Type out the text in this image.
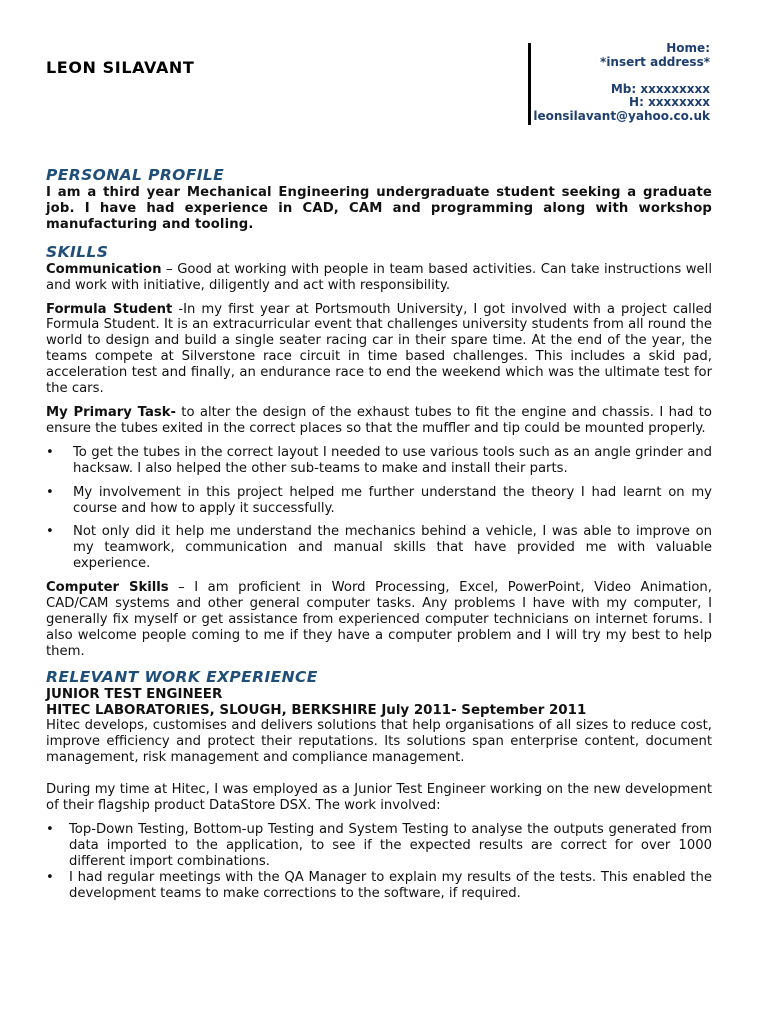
LEON SILAVANT
Home:
*insert address*

Mb: xxxxxxxxx
H: xxxxxxxx
leonsilavant@yahoo.co.uk
PERSONAL PROFILE

I am a third year Mechanical Engineering undergraduate student seeking a graduate job. I have had experience in CAD, CAM and programming along with workshop manufacturing and tooling.

SKILLS

Communication – Good at working with people in team based activities. Can take instructions well and work with initiative, diligently and act with responsibility.

Formula Student -In my first year at Portsmouth University, I got involved with a project called Formula Student. It is an extracurricular event that challenges university students from all round the world to design and build a single seater racing car in their spare time. At the end of the year, the teams compete at Silverstone race circuit in time based challenges. This includes a skid pad, acceleration test and finally, an endurance race to end the weekend which was the ultimate test for the cars.

My Primary Task- to alter the design of the exhaust tubes to fit the engine and chassis. I had to ensure the tubes exited in the correct places so that the muffler and tip could be mounted properly.

• To get the tubes in the correct layout I needed to use various tools such as an angle grinder and hacksaw. I also helped the other sub-teams to make and install their parts.
• My involvement in this project helped me further understand the theory I had learnt on my course and how to apply it successfully.
• Not only did it help me understand the mechanics behind a vehicle, I was able to improve on my teamwork, communication and manual skills that have provided me with valuable experience.

Computer Skills – I am proficient in Word Processing, Excel, PowerPoint, Video Animation, CAD/CAM systems and other general computer tasks. Any problems I have with my computer, I generally fix myself or get assistance from experienced computer technicians on internet forums. I also welcome people coming to me if they have a computer problem and I will try my best to help them.

RELEVANT WORK EXPERIENCE
JUNIOR TEST ENGINEER
HITEC LABORATORIES, SLOUGH, BERKSHIRE July 2011- September 2011

Hitec develops, customises and delivers solutions that help organisations of all sizes to reduce cost, improve efficiency and protect their reputations. Its solutions span enterprise content, document management, risk management and compliance management.

During my time at Hitec, I was employed as a Junior Test Engineer working on the new development of their flagship product DataStore DSX. The work involved:

• Top-Down Testing, Bottom-up Testing and System Testing to analyse the outputs generated from data imported to the application, to see if the expected results are correct for over 1000 different import combinations.
• I had regular meetings with the QA Manager to explain my results of the tests. This enabled the development teams to make corrections to the software, if required.
